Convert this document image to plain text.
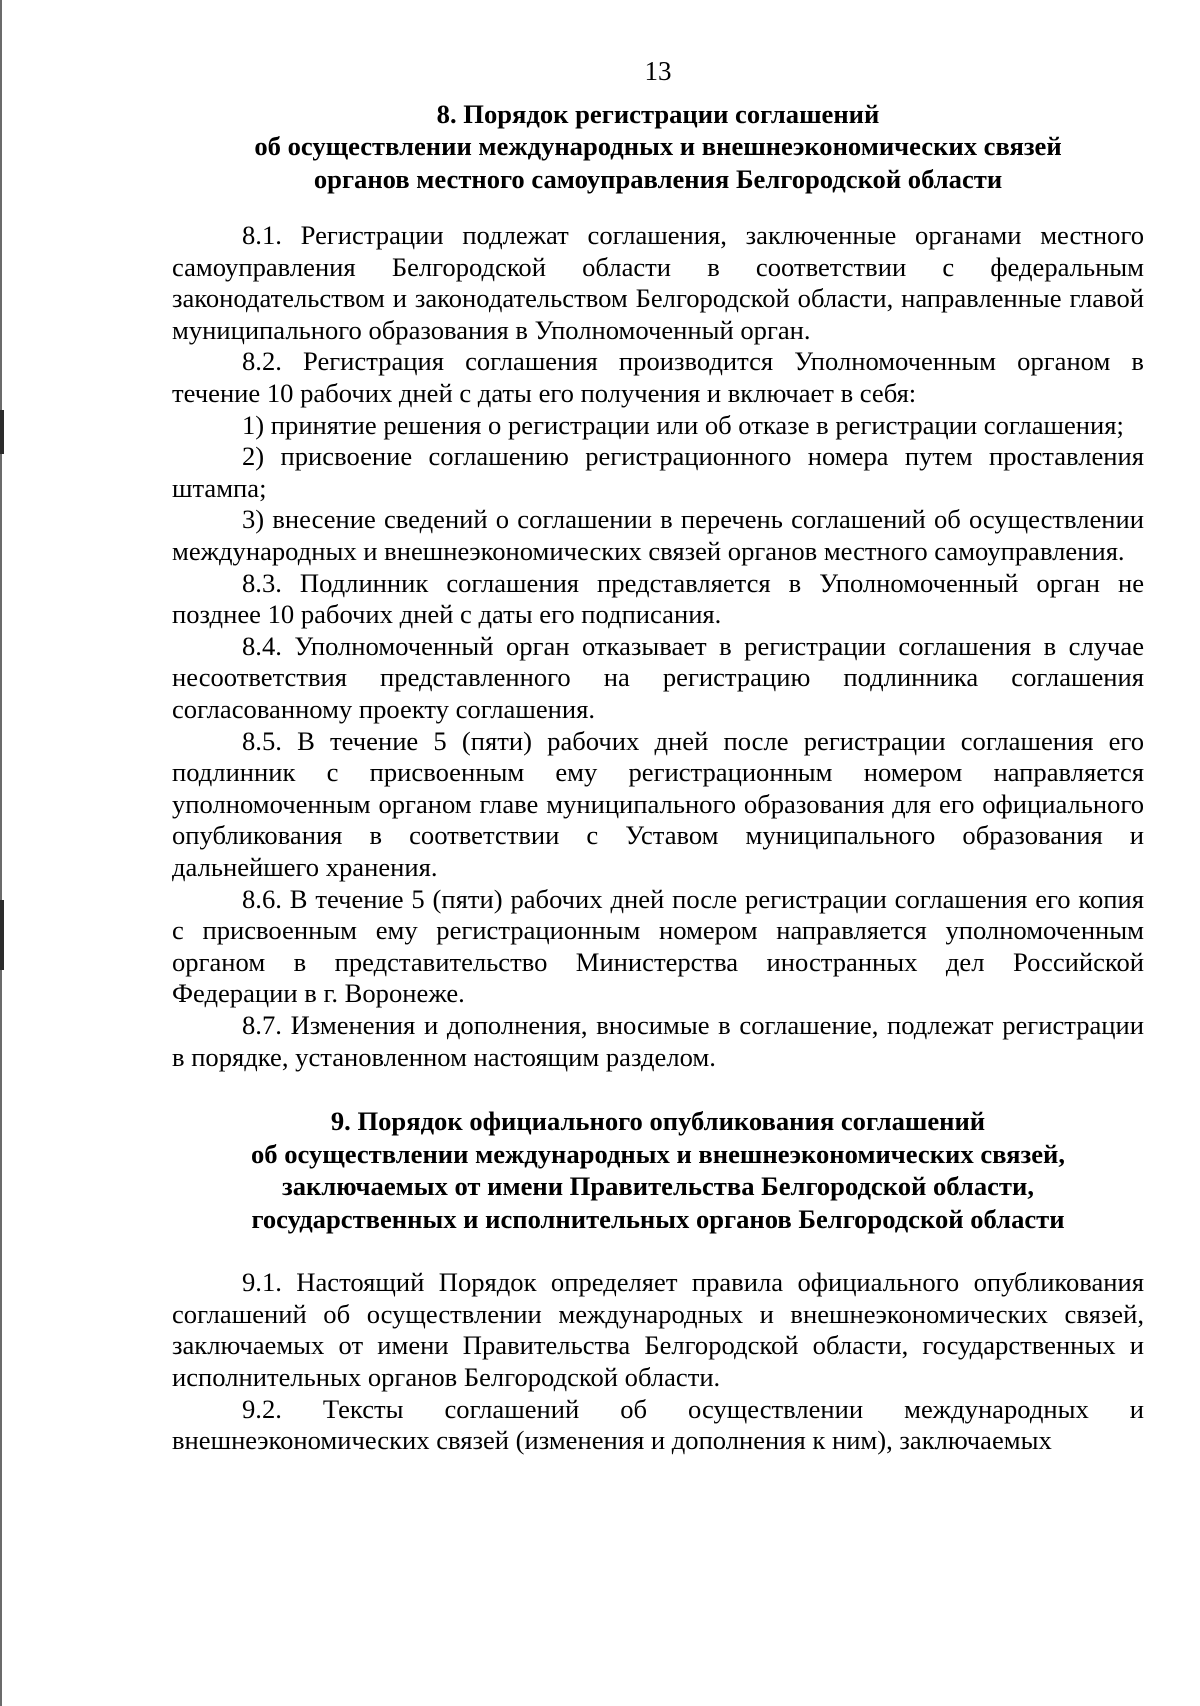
13

8. Порядок регистрации соглашений
об осуществлении международных и внешнеэкономических связей
органов местного самоуправления Белгородской области

8.1. Регистрации подлежат соглашения, заключенные органами местного самоуправления Белгородской области в соответствии с федеральным законодательством и законодательством Белгородской области, направленные главой муниципального образования в Уполномоченный орган.

8.2. Регистрация соглашения производится Уполномоченным органом в течение 10 рабочих дней с даты его получения и включает в себя:

1) принятие решения о регистрации или об отказе в регистрации соглашения;

2) присвоение соглашению регистрационного номера путем проставления штампа;

3) внесение сведений о соглашении в перечень соглашений об осуществлении международных и внешнеэкономических связей органов местного самоуправления.

8.3. Подлинник соглашения представляется в Уполномоченный орган не позднее 10 рабочих дней с даты его подписания.

8.4. Уполномоченный орган отказывает в регистрации соглашения в случае несоответствия представленного на регистрацию подлинника соглашения согласованному проекту соглашения.

8.5. В течение 5 (пяти) рабочих дней после регистрации соглашения его подлинник с присвоенным ему регистрационным номером направляется уполномоченным органом главе муниципального образования для его официального опубликования в соответствии с Уставом муниципального образования и дальнейшего хранения.

8.6. В течение 5 (пяти) рабочих дней после регистрации соглашения его копия с присвоенным ему регистрационным номером направляется уполномоченным органом в представительство Министерства иностранных дел Российской Федерации в г. Воронеже.

8.7. Изменения и дополнения, вносимые в соглашение, подлежат регистрации в порядке, установленном настоящим разделом.

9. Порядок официального опубликования соглашений
об осуществлении международных и внешнеэкономических связей,
заключаемых от имени Правительства Белгородской области,
государственных и исполнительных органов Белгородской области

9.1. Настоящий Порядок определяет правила официального опубликования соглашений об осуществлении международных и внешнеэкономических связей, заключаемых от имени Правительства Белгородской области, государственных и исполнительных органов Белгородской области.

9.2. Тексты соглашений об осуществлении международных и внешнеэкономических связей (изменения и дополнения к ним), заключаемых
